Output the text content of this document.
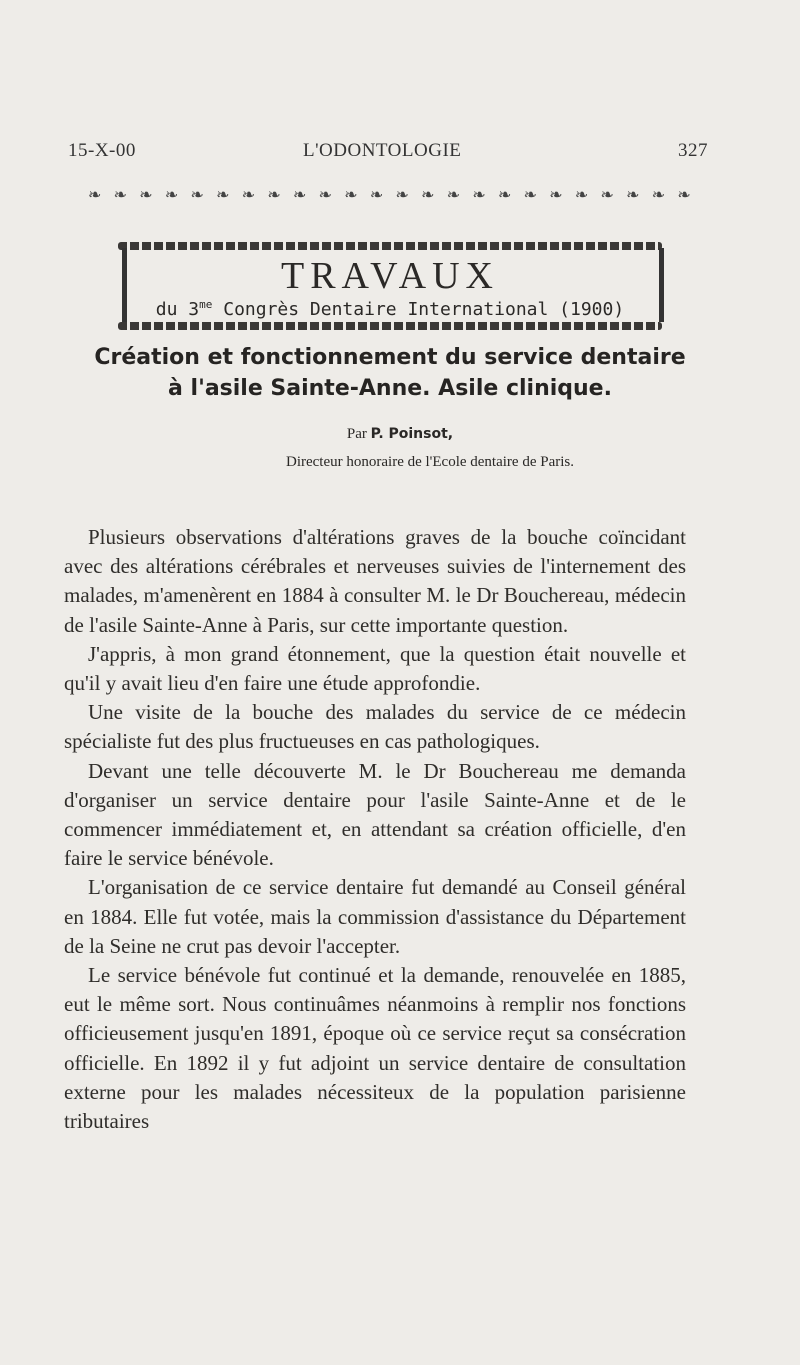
15-X-00	L'ODONTOLOGIE	327
❧ ❧ ❧ ❧ ❧ ❧ ❧ ❧ ❧ ❧ ❧ ❧ ❧ ❧ ❧ ❧ ❧ ❧ ❧ ❧ ❧ ❧ ❧ ❧
TRAVAUX
du $3^{me}$ Congrès Dentaire International (1900)
Création et fonctionnement du service dentaire
à l'asile Sainte-Anne. Asile clinique.
Par P. Poinsot,
Directeur honoraire de l'Ecole dentaire de Paris.

Plusieurs observations d'altérations graves de la bouche coïncidant avec des altérations cérébrales et nerveuses suivies de l'internement des malades, m'amenèrent en 1884 à consulter M. le Dr Bouchereau, médecin de l'asile Sainte-Anne à Paris, sur cette importante question.

J'appris, à mon grand étonnement, que la question était nouvelle et qu'il y avait lieu d'en faire une étude approfondie.

Une visite de la bouche des malades du service de ce médecin spécialiste fut des plus fructueuses en cas pathologiques.

Devant une telle découverte M. le Dr Bouchereau me demanda d'organiser un service dentaire pour l'asile Sainte-Anne et de le commencer immédiatement et, en attendant sa création officielle, d'en faire le service bénévole.

L'organisation de ce service dentaire fut demandé au Conseil général en 1884. Elle fut votée, mais la commission d'assistance du Département de la Seine ne crut pas devoir l'accepter.

Le service bénévole fut continué et la demande, renouvelée en 1885, eut le même sort. Nous continuâmes néanmoins à remplir nos fonctions officieusement jusqu'en 1891, époque où ce service reçut sa consécration officielle. En 1892 il y fut adjoint un service dentaire de consultation externe pour les malades nécessiteux de la population parisienne tributaires
